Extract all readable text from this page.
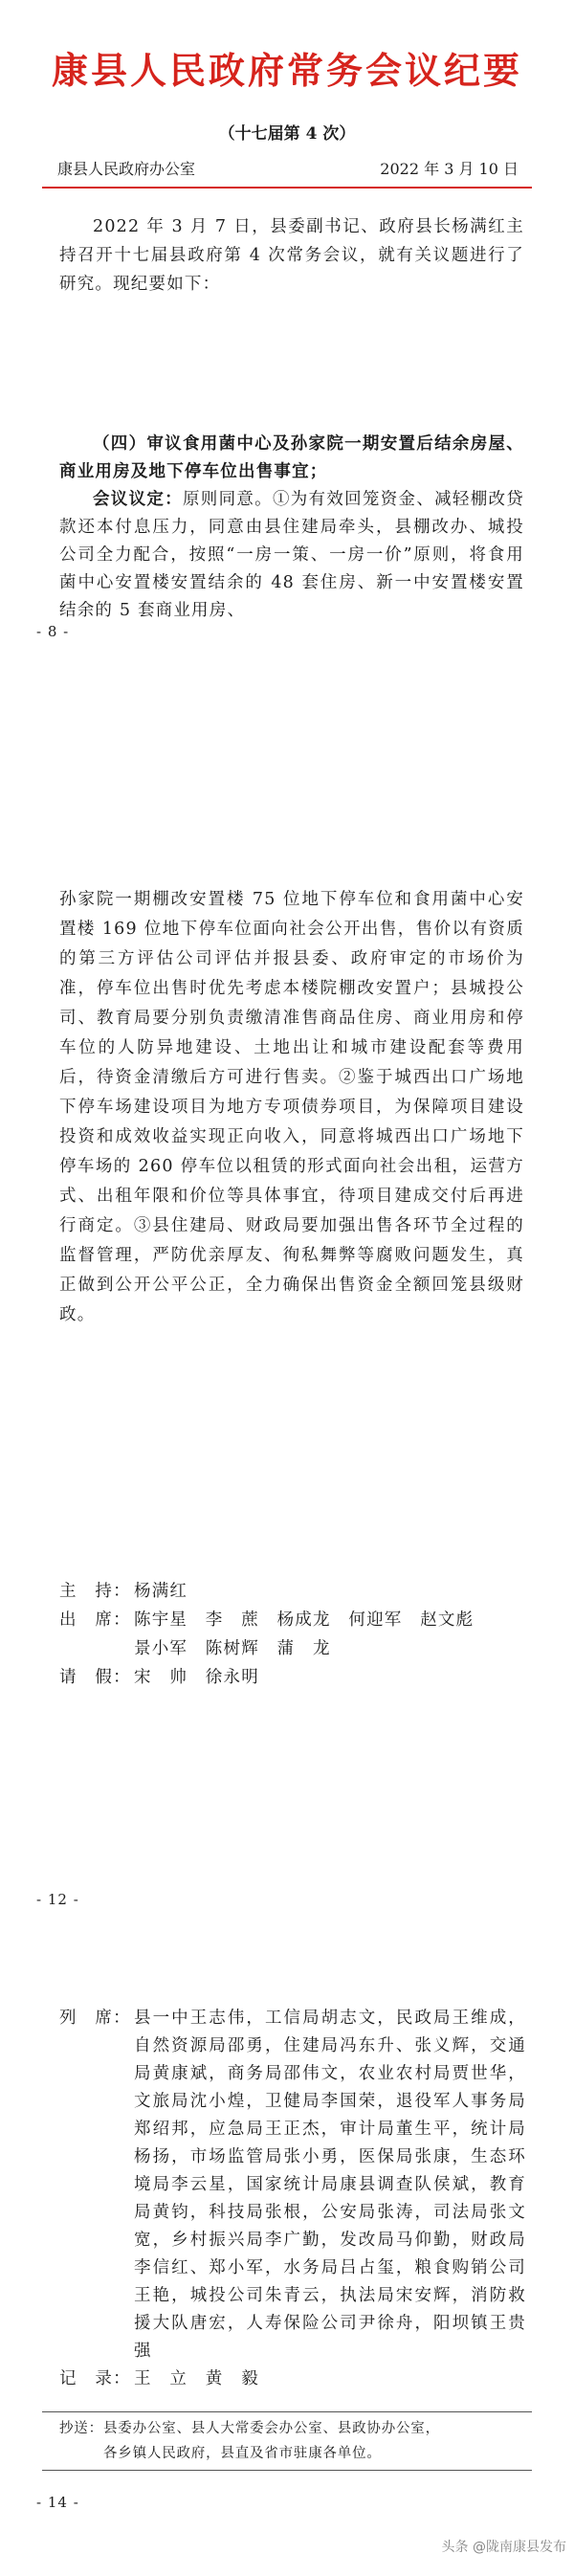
康县人民政府常务会议纪要
（十七届第 4 次）
康县人民政府办公室	2022 年 3 月 10 日

2022 年 3 月 7 日，县委副书记、政府县长杨满红主持召开十七届县政府第 4 次常务会议，就有关议题进行了研究。现纪要如下：

（四）审议食用菌中心及孙家院一期安置后结余房屋、商业用房及地下停车位出售事宜；

会议议定：原则同意。①为有效回笼资金、减轻棚改贷款还本付息压力，同意由县住建局牵头，县棚改办、城投公司全力配合，按照“一房一策、一房一价”原则，将食用菌中心安置楼安置结余的 48 套住房、新一中安置楼安置结余的 5 套商业用房、

- 8 -

孙家院一期棚改安置楼 75 位地下停车位和食用菌中心安置楼 169 位地下停车位面向社会公开出售，售价以有资质的第三方评估公司评估并报县委、政府审定的市场价为准，停车位出售时优先考虑本楼院棚改安置户；县城投公司、教育局要分别负责缴清准售商品住房、商业用房和停车位的人防异地建设、土地出让和城市建设配套等费用后，待资金清缴后方可进行售卖。②鉴于城西出口广场地下停车场建设项目为地方专项债券项目，为保障项目建设投资和成效收益实现正向收入，同意将城西出口广场地下停车场的 260 停车位以租赁的形式面向社会出租，运营方式、出租年限和价位等具体事宜，待项目建成交付后再进行商定。③县住建局、财政局要加强出售各环节全过程的监督管理，严防优亲厚友、徇私舞弊等腐败问题发生，真正做到公开公平公正，全力确保出售资金全额回笼县级财政。

主　持： 杨满红
出　席： 陈宇星　李　蔗　杨成龙　何迎军　赵文彪
景小军　陈树辉　蒲　龙
请　假： 宋　帅　徐永明
- 12 -
列　席： 县一中王志伟，工信局胡志文，民政局王维成，自然资源局邵勇，住建局冯东升、张义辉，交通局黄康斌，商务局邵伟文，农业农村局贾世华，文旅局沈小煌，卫健局李国荣，退役军人事务局郑绍邦，应急局王正杰，审计局董生平，统计局杨扬，市场监管局张小勇，医保局张康，生态环境局李云星，国家统计局康县调查队侯斌，教育局黄钧，科技局张根，公安局张涛，司法局张文宽，乡村振兴局李广勤，发改局马仰勤，财政局李信红、郑小军，水务局吕占玺，粮食购销公司王艳，城投公司朱青云，执法局宋安辉，消防救援大队唐宏，人寿保险公司尹徐舟，阳坝镇王贵强
记　录： 王　立　黄　毅
抄送： 县委办公室、县人大常委会办公室、县政协办公室，
各乡镇人民政府，县直及省市驻康各单位。
- 14 -
头条 @陇南康县发布
